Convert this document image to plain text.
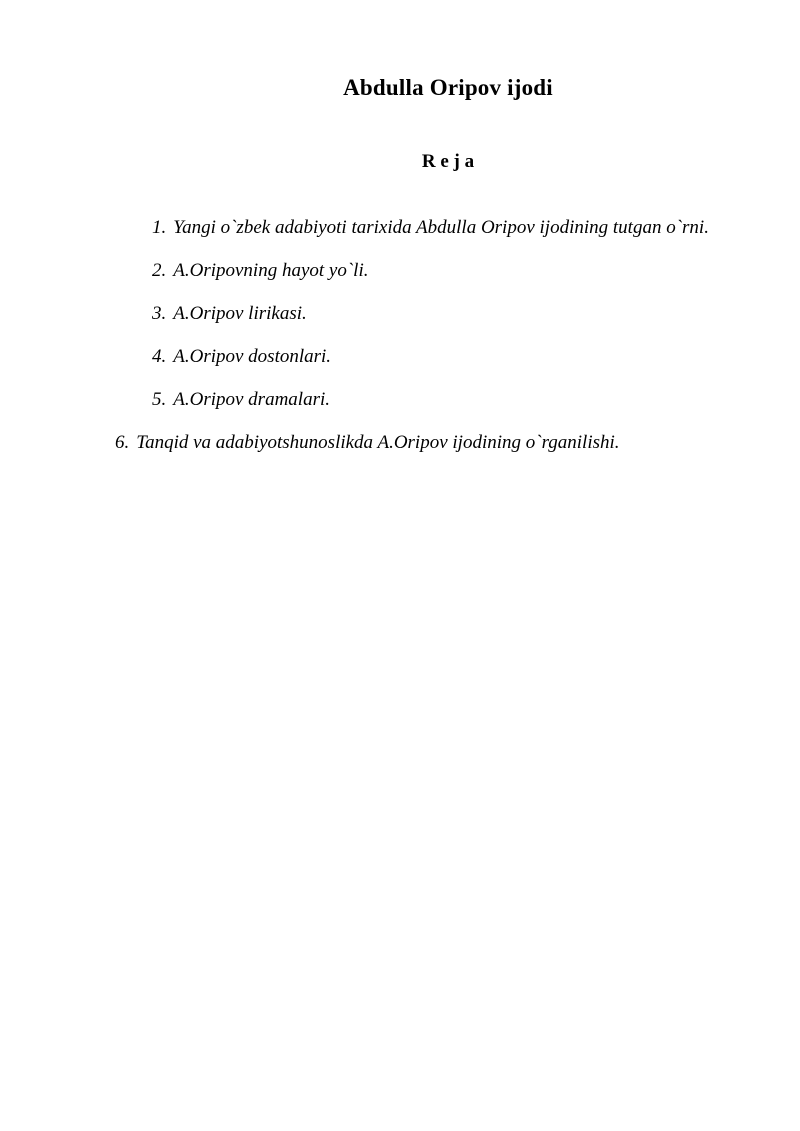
Abdulla Oripov ijodi
R e j a
1. Yangi o`zbek adabiyoti tarixida Abdulla Oripov ijodining tutgan o`rni.
2. A.Oripovning hayot yo`li.
3. A.Oripov lirikasi.
4. A.Oripov dostonlari.
5. A.Oripov dramalari.
6. Tanqid va adabiyotshunoslikda A.Oripov ijodining o`rganilishi.
